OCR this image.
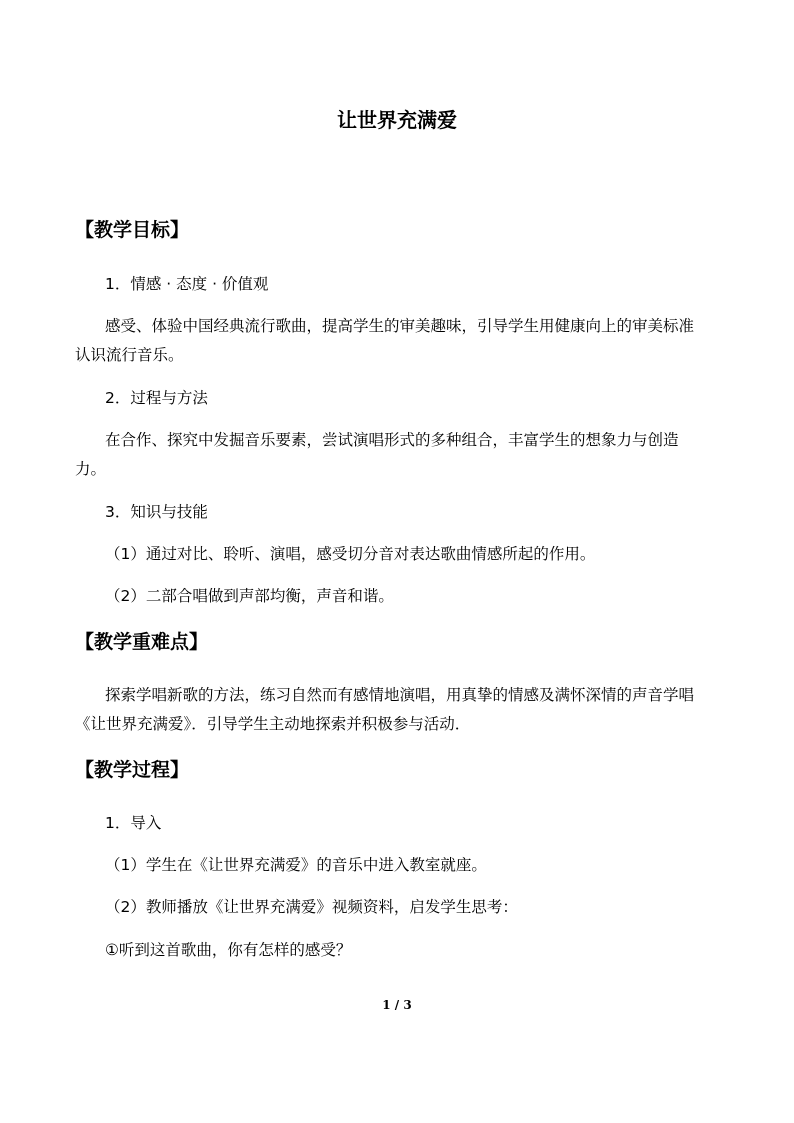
让世界充满爱
【教学目标】
1．情感 · 态度 · 价值观
感受、体验中国经典流行歌曲，提高学生的审美趣味，引导学生用健康向上的审美标准
认识流行音乐。
2．过程与方法
在合作、探究中发掘音乐要素，尝试演唱形式的多种组合，丰富学生的想象力与创造
力。
3．知识与技能
（1）通过对比、聆听、演唱，感受切分音对表达歌曲情感所起的作用。
（2）二部合唱做到声部均衡，声音和谐。
【教学重难点】
探索学唱新歌的方法，练习自然而有感情地演唱，用真挚的情感及满怀深情的声音学唱
《让世界充满爱》．引导学生主动地探索并积极参与活动．
【教学过程】
1．导入
（1）学生在《让世界充满爱》的音乐中进入教室就座。
（2）教师播放《让世界充满爱》视频资料，启发学生思考：
①听到这首歌曲，你有怎样的感受？
1 / 3
